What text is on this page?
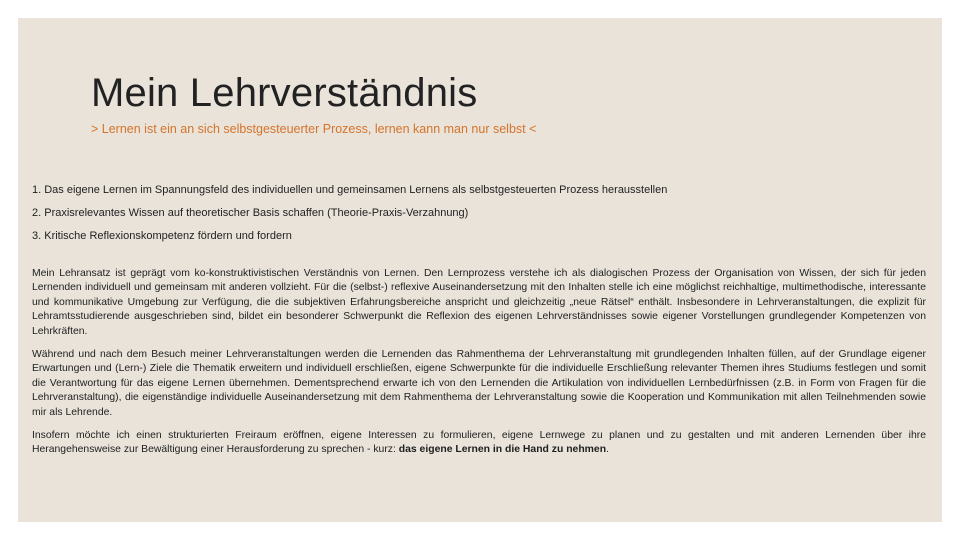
Mein Lehrverständnis
> Lernen ist ein an sich selbstgesteuerter Prozess, lernen kann man nur selbst <
1. Das eigene Lernen im Spannungsfeld des individuellen und gemeinsamen Lernens als selbstgesteuerten Prozess herausstellen
2. Praxisrelevantes Wissen auf theoretischer Basis schaffen (Theorie-Praxis-Verzahnung)
3. Kritische Reflexionskompetenz fördern und fordern

Mein Lehransatz ist geprägt vom ko-konstruktivistischen Verständnis von Lernen. Den Lernprozess verstehe ich als dialogischen Prozess der Organisation von Wissen, der sich für jeden Lernenden individuell und gemeinsam mit anderen vollzieht. Für die (selbst-) reflexive Auseinandersetzung mit den Inhalten stelle ich eine möglichst reichhaltige, multimethodische, interessante und kommunikative Umgebung zur Verfügung, die die subjektiven Erfahrungsbereiche anspricht und gleichzeitig „neue Rätsel“ enthält. Insbesondere in Lehrveranstaltungen, die explizit für Lehramtsstudierende ausgeschrieben sind, bildet ein besonderer Schwerpunkt die Reflexion des eigenen Lehrverständnisses sowie eigener Vorstellungen grundlegender Kompetenzen von Lehrkräften.

Während und nach dem Besuch meiner Lehrveranstaltungen werden die Lernenden das Rahmenthema der Lehrveranstaltung mit grundlegenden Inhalten füllen, auf der Grundlage eigener Erwartungen und (Lern-) Ziele die Thematik erweitern und individuell erschließen, eigene Schwerpunkte für die individuelle Erschließung relevanter Themen ihres Studiums festlegen und somit die Verantwortung für das eigene Lernen übernehmen. Dementsprechend erwarte ich von den Lernenden die Artikulation von individuellen Lernbedürfnissen (z.B. in Form von Fragen für die Lehrveranstaltung), die eigenständige individuelle Auseinandersetzung mit dem Rahmenthema der Lehrveranstaltung sowie die Kooperation und Kommunikation mit allen Teilnehmenden sowie mir als Lehrende.

Insofern möchte ich einen strukturierten Freiraum eröffnen, eigene Interessen zu formulieren, eigene Lernwege zu planen und zu gestalten und mit anderen Lernenden über ihre Herangehensweise zur Bewältigung einer Herausforderung zu sprechen - kurz: das eigene Lernen in die Hand zu nehmen.
